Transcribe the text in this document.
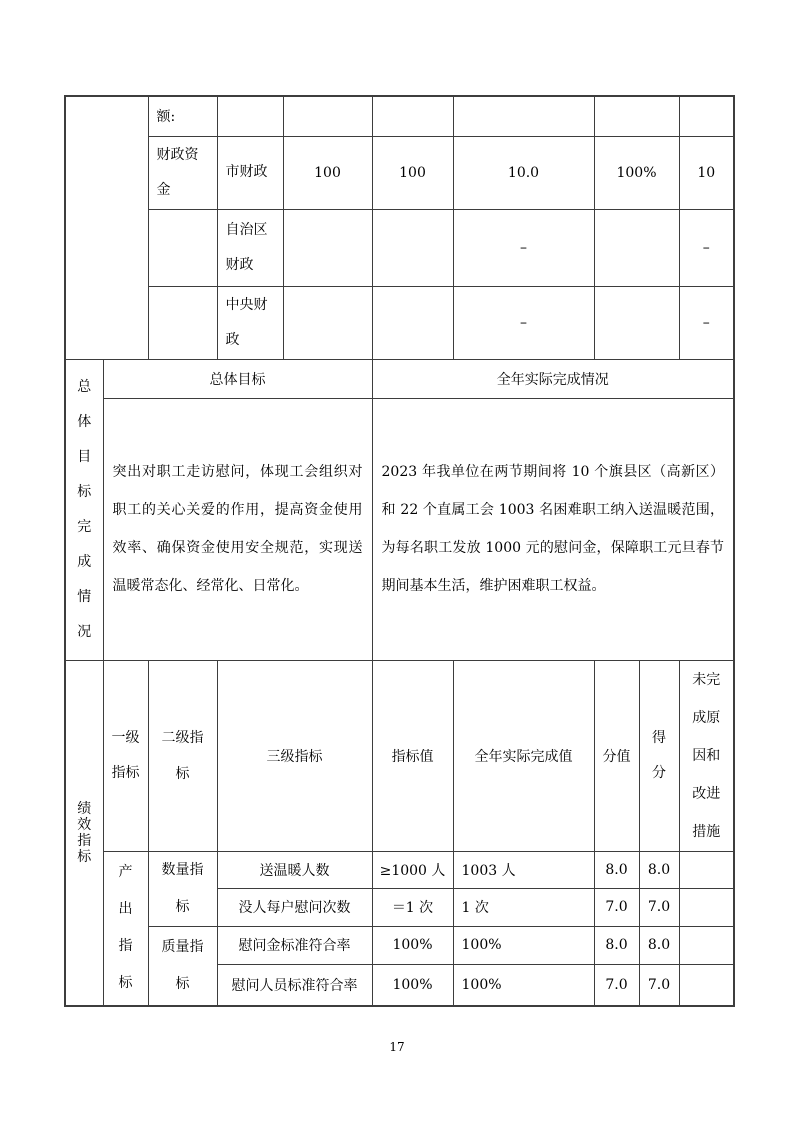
		额:							

		财政资金	市财政	100	100	10.0	100%		10

			自治区财政			–			–

			中央财政			–			–

总体目标完成情况	总体目标				全年实际完成情况				

	突出对职工走访慰问，体现工会组织对职工的关心关爱的作用，提高资金使用效率、确保资金使用安全规范，实现送温暖常态化、经常化、日常化。				2023 年我单位在两节期间将 10 个旗县区（高新区）和 22 个直属工会 1003 名困难职工纳入送温暖范围，为每名职工发放 1000 元的慰问金，保障职工元旦春节期间基本生活，维护困难职工权益。				

绩效指标	一级指标	二级指标	三级指标		指标值	全年实际完成值	分值	得分	未完成原因和改进措施

	产出指标	数量指标	送温暖人数		≥1000 人	1003 人	8.0	8.0	
			没人每户慰问次数		＝1 次	1 次	7.0	7.0	

		质量指标	慰问金标准符合率		100%	100%	8.0	8.0	
			慰问人员标准符合率		100%	100%	7.0	7.0	
17
